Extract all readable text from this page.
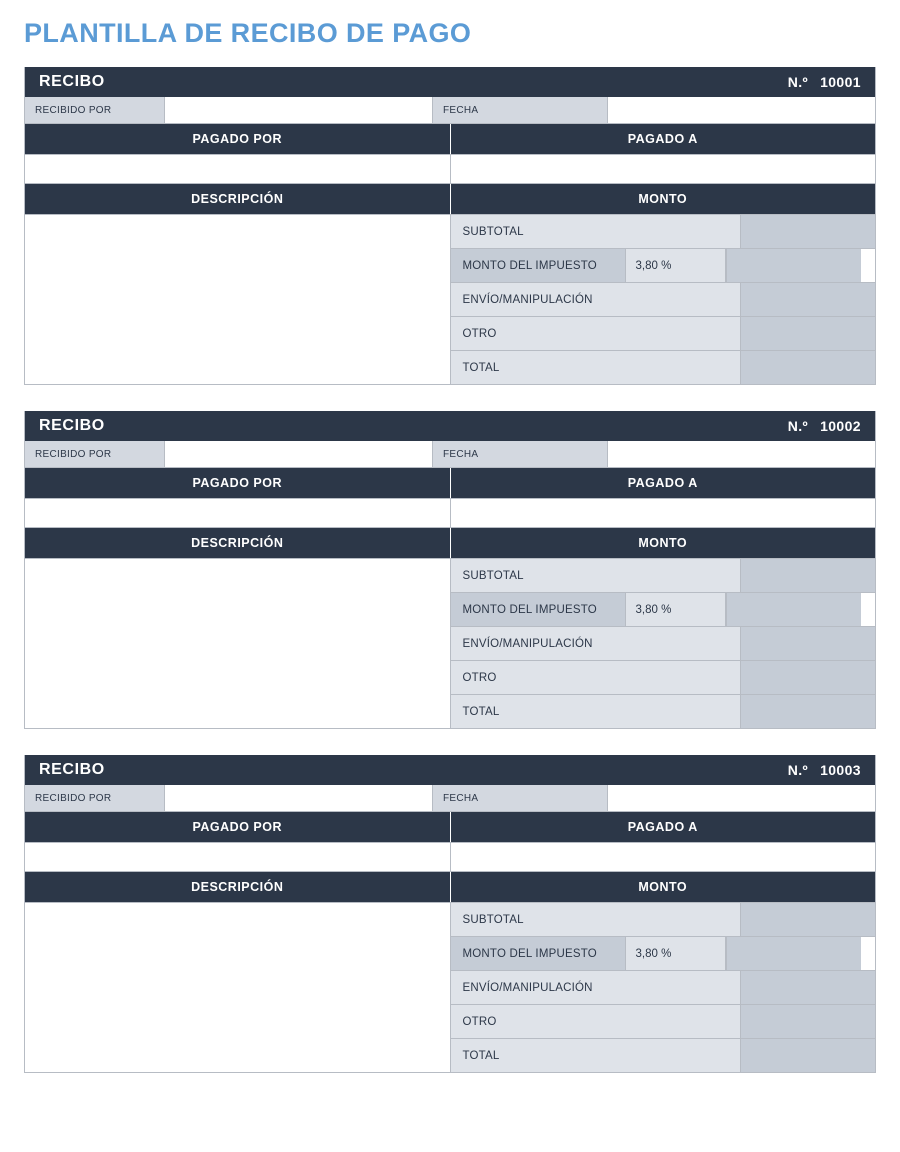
PLANTILLA DE RECIBO DE PAGO
RECIBO	N.º 10001
RECIBIDO POR	FECHA
PAGADO POR	PAGADO A
DESCRIPCIÓN	MONTO
SUBTOTAL
MONTO DEL IMPUESTO	3,80 %
ENVÍO/MANIPULACIÓN
OTRO
TOTAL
RECIBO	N.º 10002
RECIBIDO POR	FECHA
PAGADO POR	PAGADO A
DESCRIPCIÓN	MONTO
SUBTOTAL
MONTO DEL IMPUESTO	3,80 %
ENVÍO/MANIPULACIÓN
OTRO
TOTAL
RECIBO	N.º 10003
RECIBIDO POR	FECHA
PAGADO POR	PAGADO A
DESCRIPCIÓN	MONTO
SUBTOTAL
MONTO DEL IMPUESTO	3,80 %
ENVÍO/MANIPULACIÓN
OTRO
TOTAL
